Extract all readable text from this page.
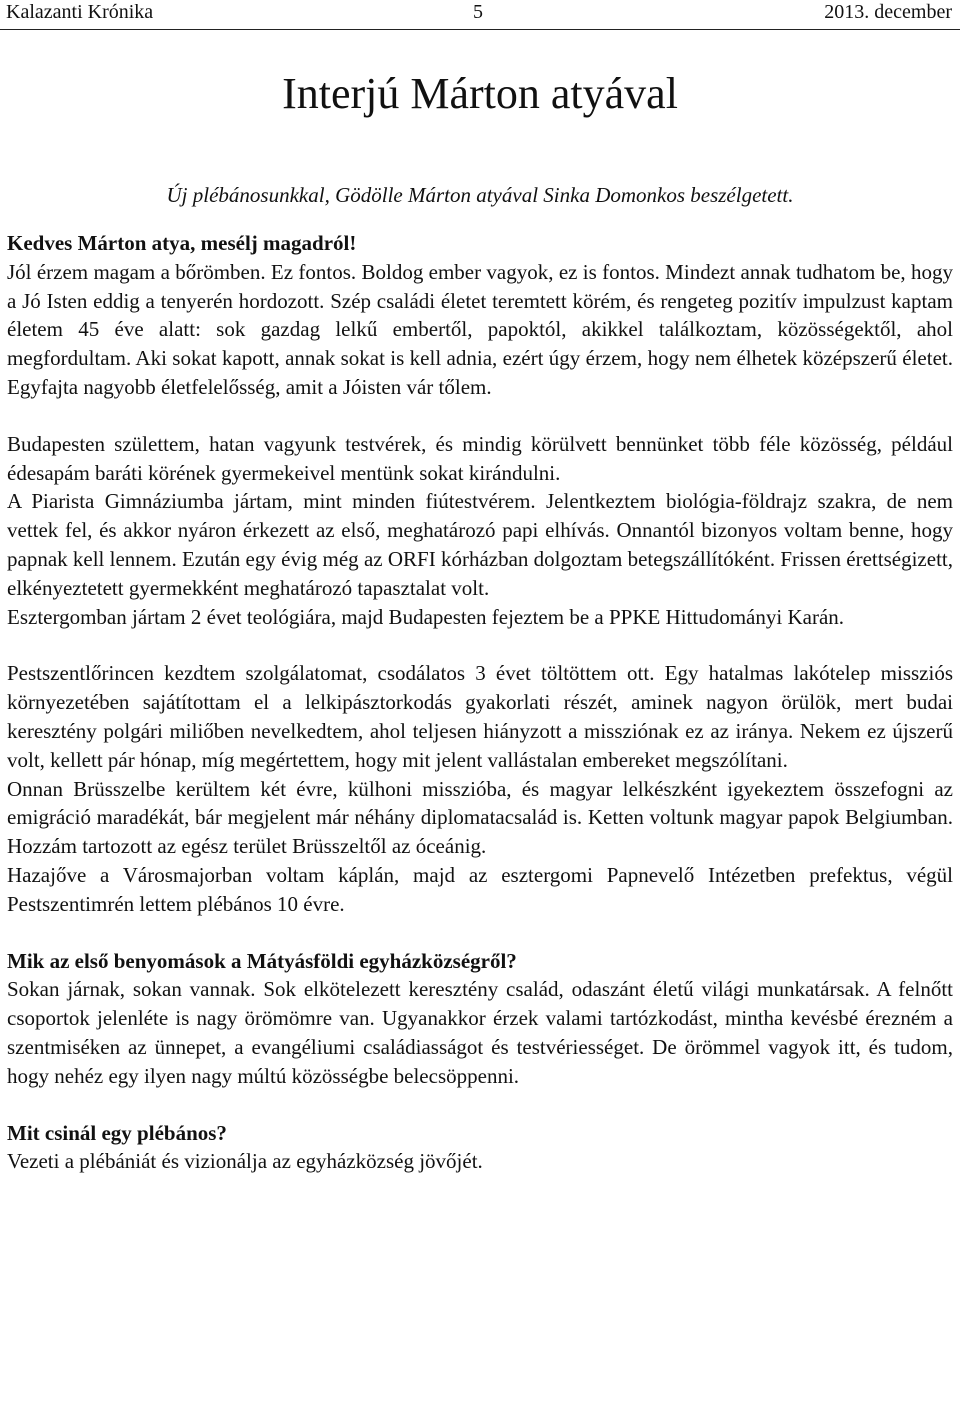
Kalazanti Krónika	5	2013. december
Interjú Márton atyával
Új plébánosunkkal, Gödölle Márton atyával Sinka Domonkos beszélgetett.

Kedves Márton atya, mesélj magadról!

Jól érzem magam a bőrömben. Ez fontos. Boldog ember vagyok, ez is fontos. Mindezt annak tudhatom be, hogy a Jó Isten eddig a tenyerén hordozott. Szép családi életet teremtett körém, és rengeteg pozitív impulzust kaptam életem 45 éve alatt: sok gazdag lelkű embertől, papoktól, akikkel találkoztam, közösségektől, ahol megfordultam. Aki sokat kapott, annak sokat is kell adnia, ezért úgy érzem, hogy nem élhetek középszerű életet. Egyfajta nagyobb életfelelősség, amit a Jóisten vár tőlem.

Budapesten születtem, hatan vagyunk testvérek, és mindig körülvett bennünket több féle közösség, például édesapám baráti körének gyermekeivel mentünk sokat kirándulni.

A Piarista Gimnáziumba jártam, mint minden fiútestvérem. Jelentkeztem biológia-földrajz szakra, de nem vettek fel, és akkor nyáron érkezett az első, meghatározó papi elhívás. Onnantól bizonyos voltam benne, hogy papnak kell lennem. Ezután egy évig még az ORFI kórházban dolgoztam betegszállítóként. Frissen érettségizett, elkényeztetett gyermekként meghatározó tapasztalat volt.

Esztergomban jártam 2 évet teológiára, majd Budapesten fejeztem be a PPKE Hittudományi Karán.

Pestszentlőrincen kezdtem szolgálatomat, csodálatos 3 évet töltöttem ott. Egy hatalmas lakótelep missziós környezetében sajátítottam el a lelkipásztorkodás gyakorlati részét, aminek nagyon örülök, mert budai keresztény polgári miliőben nevelkedtem, ahol teljesen hiányzott a missziónak ez az iránya. Nekem ez újszerű volt, kellett pár hónap, míg megértettem, hogy mit jelent vallástalan embereket megszólítani.

Onnan Brüsszelbe kerültem két évre, külhoni misszióba, és magyar lelkészként igyekeztem összefogni az emigráció maradékát, bár megjelent már néhány diplomatacsalád is. Ketten voltunk magyar papok Belgiumban. Hozzám tartozott az egész terület Brüsszeltől az óceánig.

Hazajőve a Városmajorban voltam káplán, majd az esztergomi Papnevelő Intézetben prefektus, végül Pestszentimrén lettem plébános 10 évre.

Mik az első benyomások a Mátyásföldi egyházközségről?

Sokan járnak, sokan vannak. Sok elkötelezett keresztény család, odaszánt életű világi munkatársak. A felnőtt csoportok jelenléte is nagy örömömre van. Ugyanakkor érzek valami tartózkodást, mintha kevésbé érezném a szentmiséken az ünnepet, a evangéliumi családiasságot és testvériességet. De örömmel vagyok itt, és tudom, hogy nehéz egy ilyen nagy múltú közösségbe belecsöppenni.

Mit csinál egy plébános?

Vezeti a plébániát és vizionálja az egyházközség jövőjét.
